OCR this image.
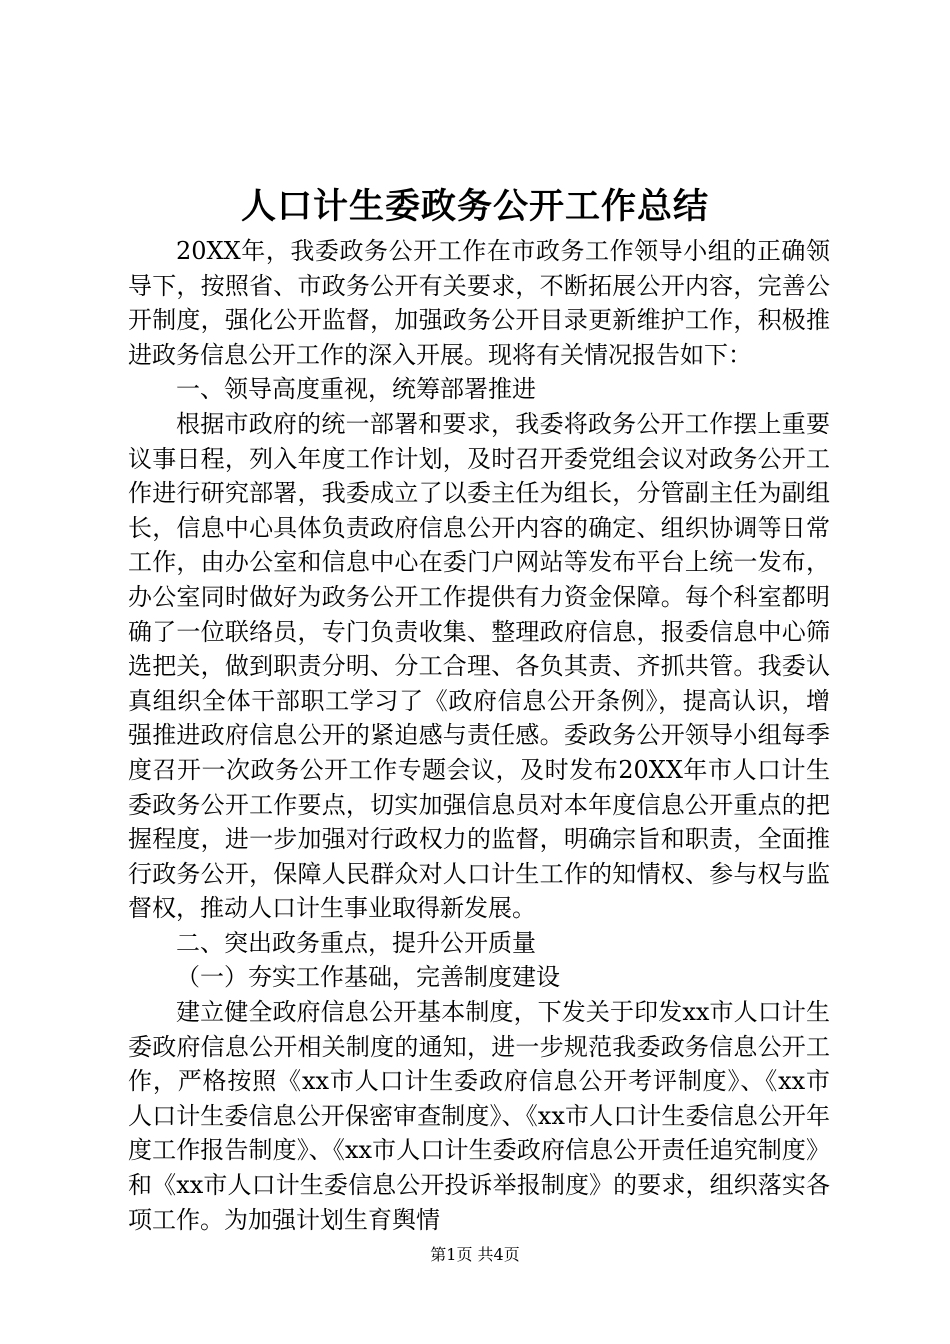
人口计生委政务公开工作总结

20XX年，我委政务公开工作在市政务工作领导小组的正确领导下，按照省、市政务公开有关要求，不断拓展公开内容，完善公开制度，强化公开监督，加强政务公开目录更新维护工作，积极推进政务信息公开工作的深入开展。现将有关情况报告如下：

一、领导高度重视，统筹部署推进

根据市政府的统一部署和要求，我委将政务公开工作摆上重要议事日程，列入年度工作计划，及时召开委党组会议对政务公开工作进行研究部署，我委成立了以委主任为组长，分管副主任为副组长，信息中心具体负责政府信息公开内容的确定、组织协调等日常工作，由办公室和信息中心在委门户网站等发布平台上统一发布，办公室同时做好为政务公开工作提供有力资金保障。每个科室都明确了一位联络员，专门负责收集、整理政府信息，报委信息中心筛选把关，做到职责分明、分工合理、各负其责、齐抓共管。我委认真组织全体干部职工学习了《政府信息公开条例》，提高认识，增强推进政府信息公开的紧迫感与责任感。委政务公开领导小组每季度召开一次政务公开工作专题会议，及时发布20XX年市人口计生委政务公开工作要点，切实加强信息员对本年度信息公开重点的把握程度，进一步加强对行政权力的监督，明确宗旨和职责，全面推行政务公开，保障人民群众对人口计生工作的知情权、参与权与监督权，推动人口计生事业取得新发展。

二、突出政务重点，提升公开质量

（一）夯实工作基础，完善制度建设

建立健全政府信息公开基本制度，下发关于印发xx市人口计生委政府信息公开相关制度的通知，进一步规范我委政务信息公开工作，严格按照《xx市人口计生委政府信息公开考评制度》、《xx市人口计生委信息公开保密审查制度》、《xx市人口计生委信息公开年度工作报告制度》、《xx市人口计生委政府信息公开责任追究制度》和《xx市人口计生委信息公开投诉举报制度》的要求，组织落实各项工作。为加强计划生育舆情

第1页 共4页
